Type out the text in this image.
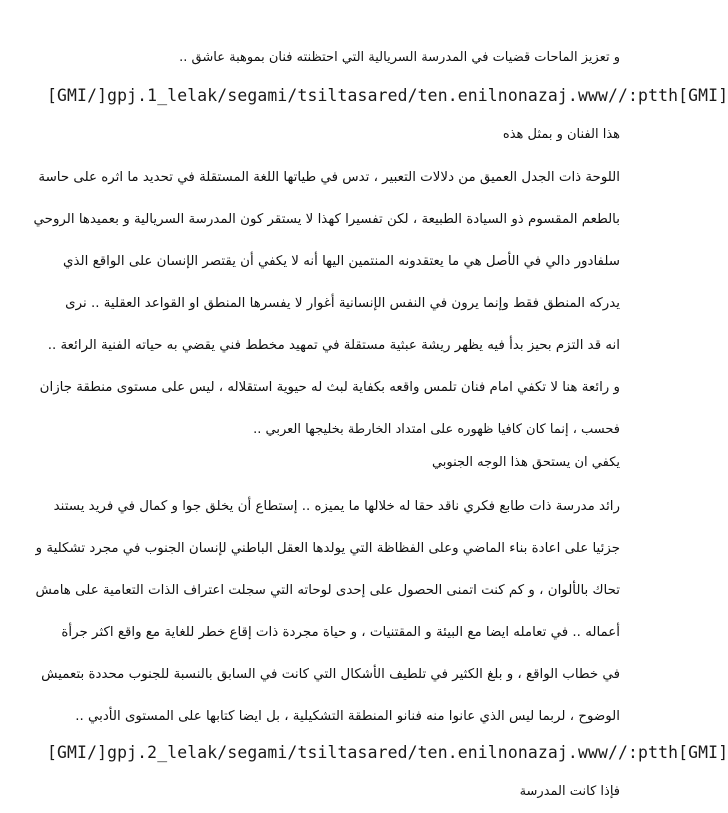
و تعزيز الماحات قضيات في المدرسة السريالية التي احتظنته فنان بموهبة عاشق ..
[GMI/]gpj.1_lelak/segami/tsiltasared/ten.enilnonazaj.www//:ptth[GMI]
هذا الفنان و بمثل هذه
اللوحة ذات الجدل العميق من دلالات التعبير ، تدس في طياتها اللغة المستقلة في تحديد ما اثره على حاسة
بالطعم المقسوم ذو السيادة الطبيعة ، لكن تفسيرا كهذا لا يستقر كون المدرسة السريالية و بعميدها الروحي
سلفادور دالي في الأصل هي ما يعتقدونه المنتمين اليها أنه لا يكفي أن يقتصر الإنسان على الواقع الذي
يدركه المنطق فقط وإنما يرون في النفس الإنسانية أغوار لا يفسرها المنطق او القواعد العقلية .. نرى
انه قد التزم بحيز بدأ فيه يظهر ريشة عبثية مستقلة في تمهيد مخطط فني يقضي به حياته الفنية الرائعة ..
و رائعة هنا لا تكفي امام فنان تلمس واقعه بكفاية لبث له حيوية استقلاله ، ليس على مستوى منطقة جازان
فحسب ، إنما كان كافيا ظهوره على امتداد الخارطة بخليجها العربي ..
يكفي ان يستحق هذا الوجه الجنوبي
رائد مدرسة ذات طابع فكري ناقد حقا له خلالها ما يميزه .. إستطاع أن يخلق جوا و كمال في فريد يستند
جزئيا على اعادة بناء الماضي وعلى الفظاظة التي يولدها العقل الباطني لإنسان الجنوب في مجرد تشكلية و
تحاك بالألوان ، و كم كنت اتمنى الحصول على إحدى لوحاته التي سجلت اعتراف الذات التعامية على هامش
أعماله .. في تعامله ايضا مع البيئة و المقتنيات ، و حياة مجردة ذات إقاع خطر للغاية مع واقع اكثر جرأة
في خطاب الواقع ، و بلغ الكثير في تلطيف الأشكال التي كانت في السابق بالنسبة للجنوب محددة بتعميش
الوضوح ، لربما ليس الذي عانوا منه فنانو المنطقة التشكيلية ، بل ايضا كتابها على المستوى الأدبي ..
[GMI/]gpj.2_lelak/segami/tsiltasared/ten.enilnonazaj.www//:ptth[GMI]
فإذا كانت المدرسة
